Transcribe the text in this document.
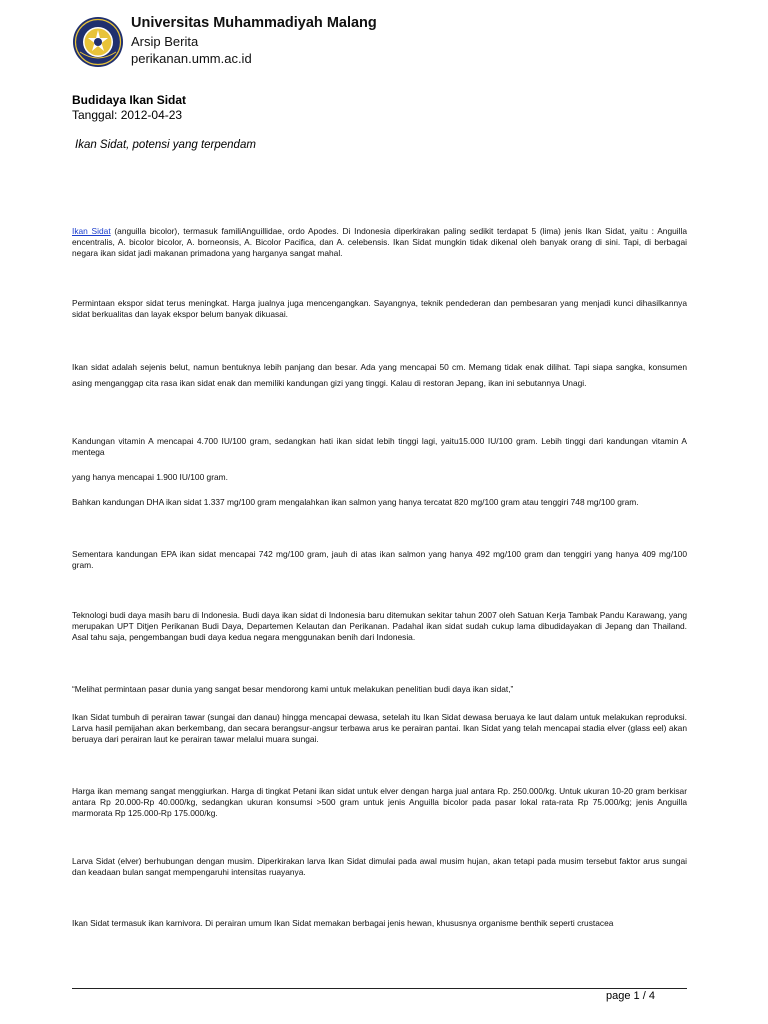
Universitas Muhammadiyah Malang
Arsip Berita
perikanan.umm.ac.id
Budidaya Ikan Sidat
Tanggal: 2012-04-23
Ikan Sidat, potensi yang terpendam
Ikan Sidat (anguilla bicolor), termasuk familiAnguillidae, ordo Apodes. Di Indonesia diperkirakan paling sedikit terdapat 5 (lima) jenis Ikan Sidat, yaitu : Anguilla encentralis, A. bicolor bicolor, A. borneonsis, A. Bicolor Pacifica, dan A. celebensis. Ikan Sidat mungkin tidak dikenal oleh banyak orang di sini. Tapi, di berbagai negara ikan sidat jadi makanan primadona yang harganya sangat mahal.
Permintaan ekspor sidat terus meningkat. Harga jualnya juga mencengangkan. Sayangnya, teknik pendederan dan pembesaran yang menjadi kunci dihasilkannya sidat berkualitas dan layak ekspor belum banyak dikuasai.
Ikan sidat adalah sejenis belut, namun bentuknya lebih panjang dan besar. Ada yang mencapai 50 cm. Memang tidak enak dilihat. Tapi siapa sangka, konsumen asing menganggap cita rasa ikan sidat enak dan memiliki kandungan gizi yang tinggi. Kalau di restoran Jepang, ikan ini sebutannya Unagi.
Kandungan vitamin A mencapai 4.700 IU/100 gram, sedangkan hati ikan sidat lebih tinggi lagi, yaitu15.000 IU/100 gram. Lebih tinggi dari kandungan vitamin A mentega
yang hanya mencapai 1.900 IU/100 gram.
Bahkan kandungan DHA ikan sidat 1.337 mg/100 gram mengalahkan ikan salmon yang hanya tercatat 820 mg/100 gram atau tenggiri 748 mg/100 gram.
Sementara kandungan EPA ikan sidat mencapai 742 mg/100 gram, jauh di atas ikan salmon yang hanya 492 mg/100 gram dan tenggiri yang hanya 409 mg/100 gram.
Teknologi budi daya masih baru di Indonesia. Budi daya ikan sidat di Indonesia baru ditemukan sekitar tahun 2007 oleh Satuan Kerja Tambak Pandu Karawang, yang merupakan UPT Ditjen Perikanan Budi Daya, Departemen Kelautan dan Perikanan. Padahal ikan sidat sudah cukup lama dibudidayakan di Jepang dan Thailand. Asal tahu saja, pengembangan budi daya kedua negara menggunakan benih dari Indonesia.
“Melihat permintaan pasar dunia yang sangat besar mendorong kami untuk melakukan penelitian budi daya ikan sidat,”
Ikan Sidat tumbuh di perairan tawar (sungai dan danau) hingga mencapai dewasa, setelah itu Ikan Sidat dewasa beruaya ke laut dalam untuk melakukan reproduksi. Larva hasil pemijahan akan berkembang, dan secara berangsur-angsur terbawa arus ke perairan pantai. Ikan Sidat yang telah mencapai stadia elver (glass eel) akan beruaya dari perairan laut ke perairan tawar melalui muara sungai.
Harga ikan memang sangat menggiurkan. Harga di tingkat Petani ikan sidat untuk elver dengan harga jual antara Rp. 250.000/kg. Untuk ukuran 10-20 gram berkisar antara Rp 20.000-Rp 40.000/kg, sedangkan ukuran konsumsi >500 gram untuk jenis Anguilla bicolor pada pasar lokal rata-rata Rp 75.000/kg; jenis Anguilla marmorata Rp 125.000-Rp 175.000/kg.
Larva Sidat (elver) berhubungan dengan musim. Diperkirakan larva Ikan Sidat dimulai pada awal musim hujan, akan tetapi pada musim tersebut faktor arus sungai dan keadaan bulan sangat mempengaruhi intensitas ruayanya.
Ikan Sidat termasuk ikan karnivora. Di perairan umum Ikan Sidat memakan berbagai jenis hewan, khususnya organisme benthik seperti crustacea
page 1 / 4
